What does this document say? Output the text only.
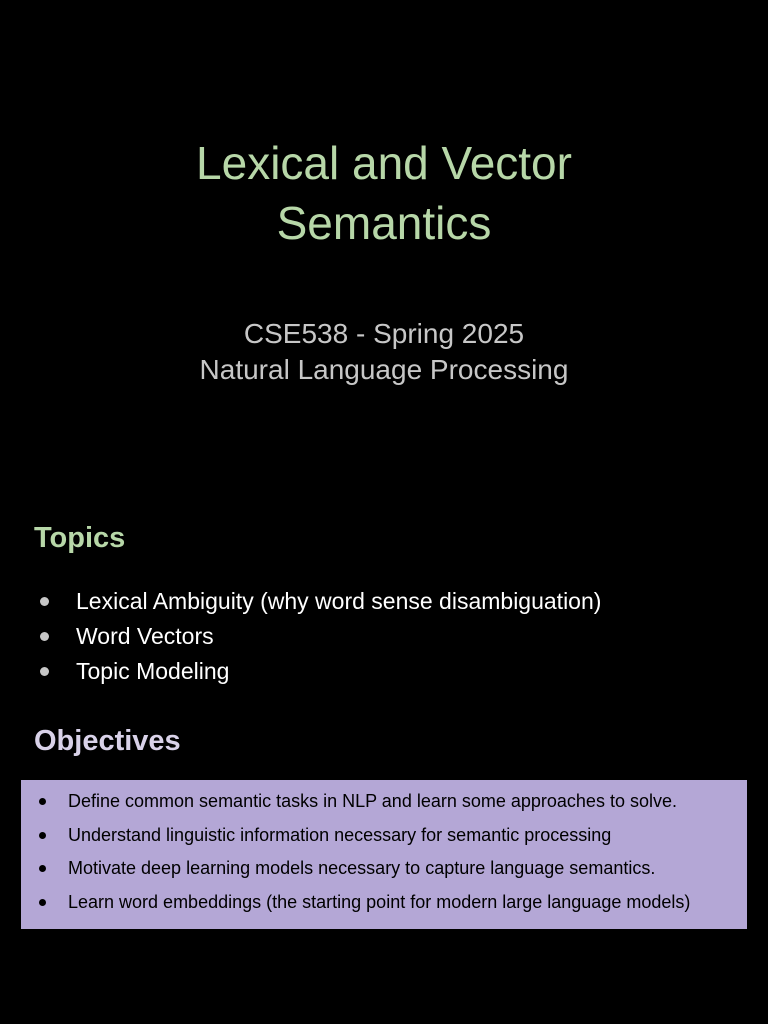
Lexical and Vector
Semantics
CSE538 - Spring 2025
Natural Language Processing
Topics
Lexical Ambiguity (why word sense disambiguation)
Word Vectors
Topic Modeling
Objectives
Define common semantic tasks in NLP and learn some approaches to solve.
Understand linguistic information necessary for semantic processing
Motivate deep learning models necessary to capture language semantics.
Learn word embeddings (the starting point for modern large language models)
